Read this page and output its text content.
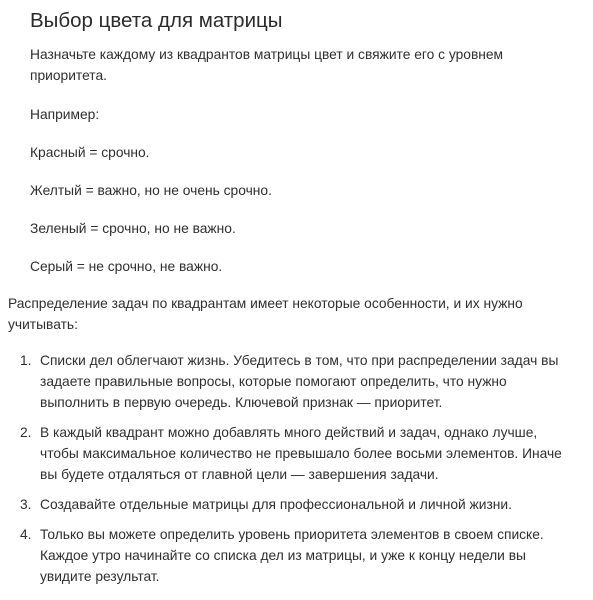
Выбор цвета для матрицы

Назначьте каждому из квадрантов матрицы цвет и свяжите его с уровнем приоритета.

Например:

Красный = срочно.

Желтый = важно, но не очень срочно.

Зеленый = срочно, но не важно.

Серый = не срочно, не важно.

Распределение задач по квадрантам имеет некоторые особенности, и их нужно учитывать:

1. Списки дел облегчают жизнь. Убедитесь в том, что при распределении задач вы задаете правильные вопросы, которые помогают определить, что нужно выполнить в первую очередь. Ключевой признак — приоритет.
2. В каждый квадрант можно добавлять много действий и задач, однако лучше, чтобы максимальное количество не превышало более восьми элементов. Иначе вы будете отдаляться от главной цели — завершения задачи.
3. Создавайте отдельные матрицы для профессиональной и личной жизни.
4. Только вы можете определить уровень приоритета элементов в своем списке. Каждое утро начинайте со списка дел из матрицы, и уже к концу недели вы увидите результат.
